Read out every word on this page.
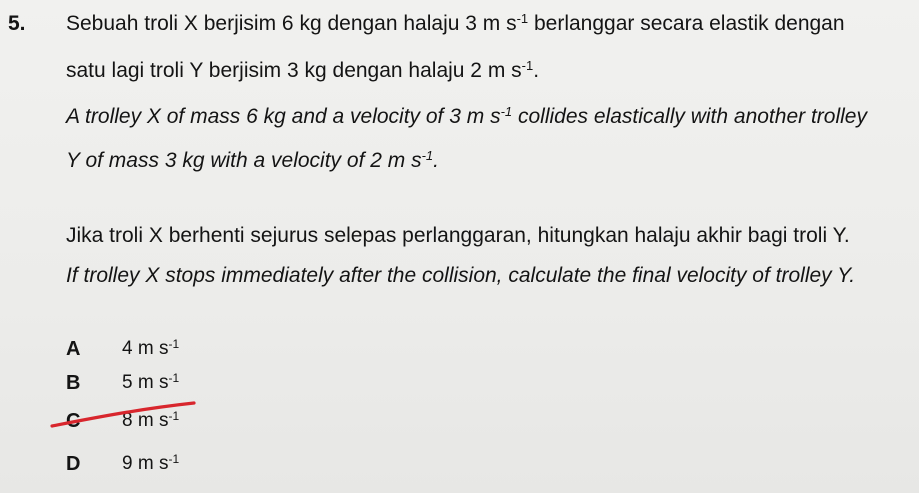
5. Sebuah troli X berjisim 6 kg dengan halaju 3 m $s^{-1}$ berlanggar secara elastik dengan
satu lagi troli Y berjisim 3 kg dengan halaju 2 m $s^{-1}$.
A trolley X of mass 6 kg and a velocity of 3 m $s^{-1}$ collides elastically with another trolley
Y of mass 3 kg with a velocity of 2 m $s^{-1}$.
Jika troli X berhenti sejurus selepas perlanggaran, hitungkan halaju akhir bagi troli Y.
If trolley X stops immediately after the collision, calculate the final velocity of trolley Y.
A 4 m $s^{-1}$
B 5 m $s^{-1}$
C 8 m $s^{-1}$
D 9 m $s^{-1}$
